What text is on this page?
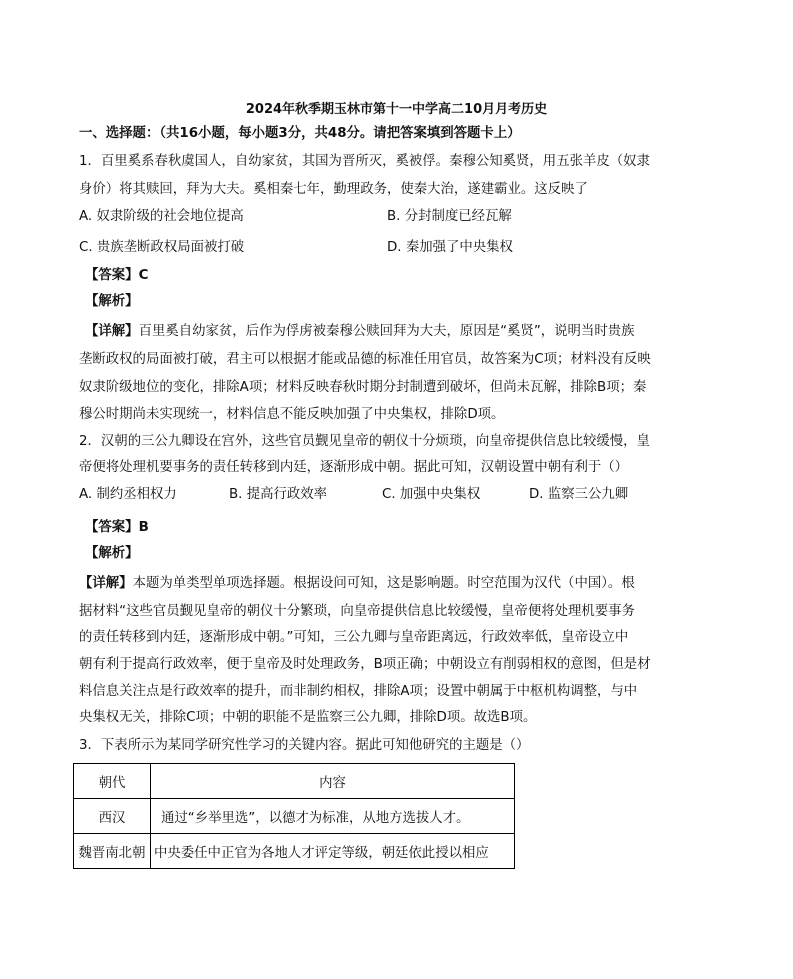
2024年秋季期玉林市第十一中学高二10月月考历史
一、选择题：（共16小题，每小题3分，共48分。请把答案填到答题卡上）
1．百里奚系春秋虞国人，自幼家贫，其国为晋所灭，奚被俘。秦穆公知奚贤，用五张羊皮（奴隶
身价）将其赎回，拜为大夫。奚相秦七年，勤理政务，使秦大治，遂建霸业。这反映了
A. 奴隶阶级的社会地位提高	B. 分封制度已经瓦解
C. 贵族垄断政权局面被打破	D. 秦加强了中央集权
【答案】C
【解析】
【详解】百里奚自幼家贫，后作为俘虏被秦穆公赎回拜为大夫，原因是“奚贤”，说明当时贵族
垄断政权的局面被打破，君主可以根据才能或品德的标准任用官员，故答案为C项；材料没有反映
奴隶阶级地位的变化，排除A项；材料反映春秋时期分封制遭到破坏，但尚未瓦解，排除B项；秦
穆公时期尚未实现统一，材料信息不能反映加强了中央集权，排除D项。
2．汉朝的三公九卿设在宫外，这些官员觐见皇帝的朝仪十分烦琐，向皇帝提供信息比较缓慢，皇
帝便将处理机要事务的责任转移到内廷，逐渐形成中朝。据此可知，汉朝设置中朝有利于（）
A. 制约丞相权力	B. 提高行政效率	C. 加强中央集权	D. 监察三公九卿
【答案】B
【解析】
【详解】本题为单类型单项选择题。根据设问可知，这是影响题。时空范围为汉代（中国）。根
据材料“这些官员觐见皇帝的朝仪十分繁琐，向皇帝提供信息比较缓慢，皇帝便将处理机要事务
的责任转移到内廷，逐渐形成中朝。”可知，三公九卿与皇帝距离远，行政效率低，皇帝设立中
朝有利于提高行政效率，便于皇帝及时处理政务，B项正确；中朝设立有削弱相权的意图，但是材
料信息关注点是行政效率的提升，而非制约相权，排除A项；设置中朝属于中枢机构调整，与中
央集权无关，排除C项；中朝的职能不是监察三公九卿，排除D项。故选B项。
3．下表所示为某同学研究性学习的关键内容。据此可知他研究的主题是（）
朝代	内容
西汉	通过“乡举里选”，以德才为标准，从地方选拔人才。
魏晋南北朝	中央委任中正官为各地人才评定等级，朝廷依此授以相应
